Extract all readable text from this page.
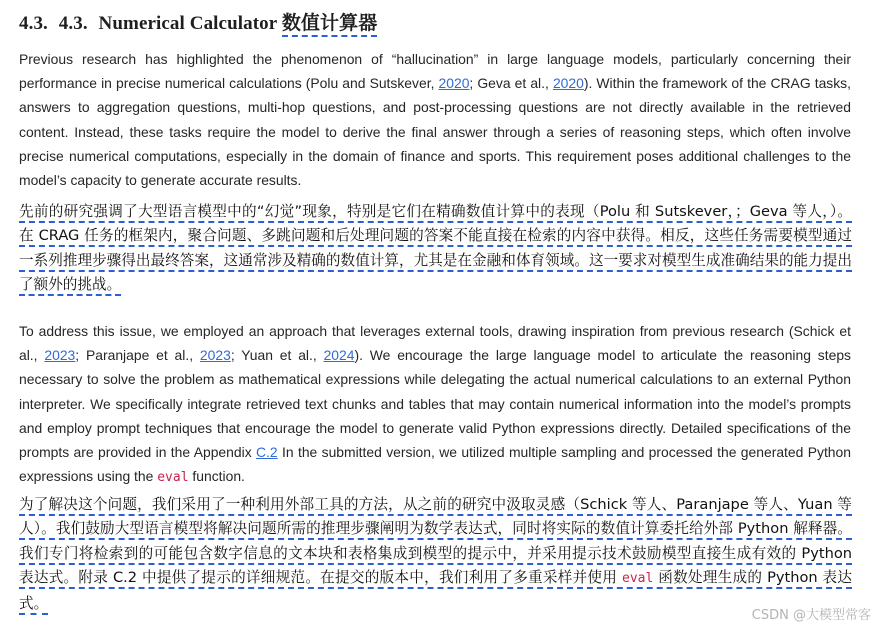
4.3. 4.3. Numerical Calculator 数值计算器

Previous research has highlighted the phenomenon of “hallucination” in large language models, particularly concerning their performance in precise numerical calculations (Polu and Sutskever, 2020; Geva et al., 2020). Within the framework of the CRAG tasks, answers to aggregation questions, multi-hop questions, and post-processing questions are not directly available in the retrieved content. Instead, these tasks require the model to derive the final answer through a series of reasoning steps, which often involve precise numerical computations, especially in the domain of finance and sports. This requirement poses additional challenges to the model’s capacity to generate accurate results.

先前的研究强调了大型语言模型中的“幻觉”现象，特别是它们在精确数值计算中的表现（Polu 和 Sutskever，；Geva 等人，）。在 CRAG 任务的框架内，聚合问题、多跳问题和后处理问题的答案不能直接在检索的内容中获得。相反，这些任务需要模型通过一系列推理步骤得出最终答案，这通常涉及精确的数值计算，尤其是在金融和体育领域。这一要求对模型生成准确结果的能力提出了额外的挑战。

To address this issue, we employed an approach that leverages external tools, drawing inspiration from previous research (Schick et al., 2023; Paranjape et al., 2023; Yuan et al., 2024). We encourage the large language model to articulate the reasoning steps necessary to solve the problem as mathematical expressions while delegating the actual numerical calculations to an external Python interpreter. We specifically integrate retrieved text chunks and tables that may contain numerical information into the model’s prompts and employ prompt techniques that encourage the model to generate valid Python expressions directly. Detailed specifications of the prompts are provided in the Appendix C.2 In the submitted version, we utilized multiple sampling and processed the generated Python expressions using the eval function.

为了解决这个问题，我们采用了一种利用外部工具的方法，从之前的研究中汲取灵感（Schick 等人、Paranjape 等人、Yuan 等人）。我们鼓励大型语言模型将解决问题所需的推理步骤阐明为数学表达式，同时将实际的数值计算委托给外部 Python 解释器。我们专门将检索到的可能包含数字信息的文本块和表格集成到模型的提示中，并采用提示技术鼓励模型直接生成有效的 Python 表达式。附录 C.2 中提供了提示的详细规范。在提交的版本中，我们利用了多重采样并使用 eval 函数处理生成的 Python 表达式。

CSDN @大模型常客
